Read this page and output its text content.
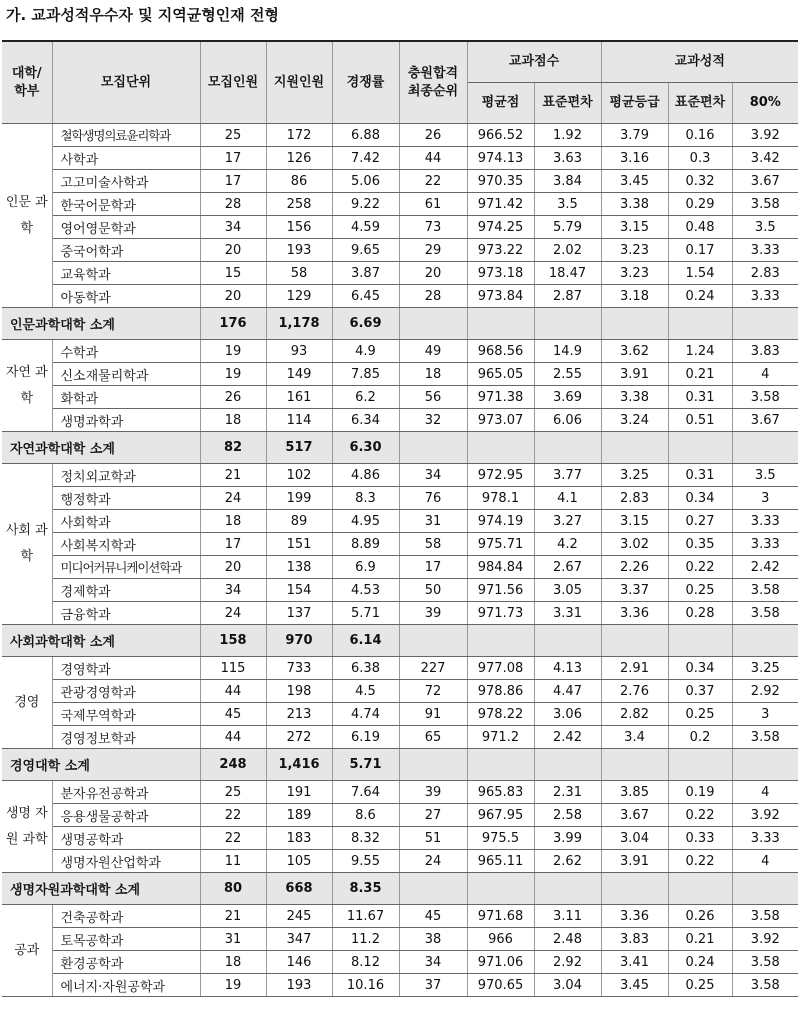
가. 교과성적우수자 및 지역균형인재 전형
대학/ 학부	모집단위	모집인원	지원인원	경쟁률	충원합격 최종순위	교과점수		교과성적		
						평균점	표준편차	평균등급	표준편차	80%
인문 과학	철학생명의료윤리학과	25	172	6.88	26	966.52	1.92	3.79	0.16	3.92
	사학과	17	126	7.42	44	974.13	3.63	3.16	0.3	3.42
	고고미술사학과	17	86	5.06	22	970.35	3.84	3.45	0.32	3.67
	한국어문학과	28	258	9.22	61	971.42	3.5	3.38	0.29	3.58
	영어영문학과	34	156	4.59	73	974.25	5.79	3.15	0.48	3.5
	중국어학과	20	193	9.65	29	973.22	2.02	3.23	0.17	3.33
	교육학과	15	58	3.87	20	973.18	18.47	3.23	1.54	2.83
	아동학과	20	129	6.45	28	973.84	2.87	3.18	0.24	3.33
인문과학대학 소계		176	1,178	6.69						
자연 과학	수학과	19	93	4.9	49	968.56	14.9	3.62	1.24	3.83
	신소재물리학과	19	149	7.85	18	965.05	2.55	3.91	0.21	4
	화학과	26	161	6.2	56	971.38	3.69	3.38	0.31	3.58
	생명과학과	18	114	6.34	32	973.07	6.06	3.24	0.51	3.67
자연과학대학 소계		82	517	6.30						
사회 과학	정치외교학과	21	102	4.86	34	972.95	3.77	3.25	0.31	3.5
	행정학과	24	199	8.3	76	978.1	4.1	2.83	0.34	3
	사회학과	18	89	4.95	31	974.19	3.27	3.15	0.27	3.33
	사회복지학과	17	151	8.89	58	975.71	4.2	3.02	0.35	3.33
	미디어커뮤니케이션학과	20	138	6.9	17	984.84	2.67	2.26	0.22	2.42
	경제학과	34	154	4.53	50	971.56	3.05	3.37	0.25	3.58
	금융학과	24	137	5.71	39	971.73	3.31	3.36	0.28	3.58
사회과학대학 소계		158	970	6.14						
경영	경영학과	115	733	6.38	227	977.08	4.13	2.91	0.34	3.25
	관광경영학과	44	198	4.5	72	978.86	4.47	2.76	0.37	2.92
	국제무역학과	45	213	4.74	91	978.22	3.06	2.82	0.25	3
	경영정보학과	44	272	6.19	65	971.2	2.42	3.4	0.2	3.58
경영대학 소계		248	1,416	5.71						
생명 자원 과학	분자유전공학과	25	191	7.64	39	965.83	2.31	3.85	0.19	4
	응용생물공학과	22	189	8.6	27	967.95	2.58	3.67	0.22	3.92
	생명공학과	22	183	8.32	51	975.5	3.99	3.04	0.33	3.33
	생명자원산업학과	11	105	9.55	24	965.11	2.62	3.91	0.22	4
생명자원과학대학 소계		80	668	8.35						
공과	건축공학과	21	245	11.67	45	971.68	3.11	3.36	0.26	3.58
	토목공학과	31	347	11.2	38	966	2.48	3.83	0.21	3.92
	환경공학과	18	146	8.12	34	971.06	2.92	3.41	0.24	3.58
	에너지·자원공학과	19	193	10.16	37	970.65	3.04	3.45	0.25	3.58
